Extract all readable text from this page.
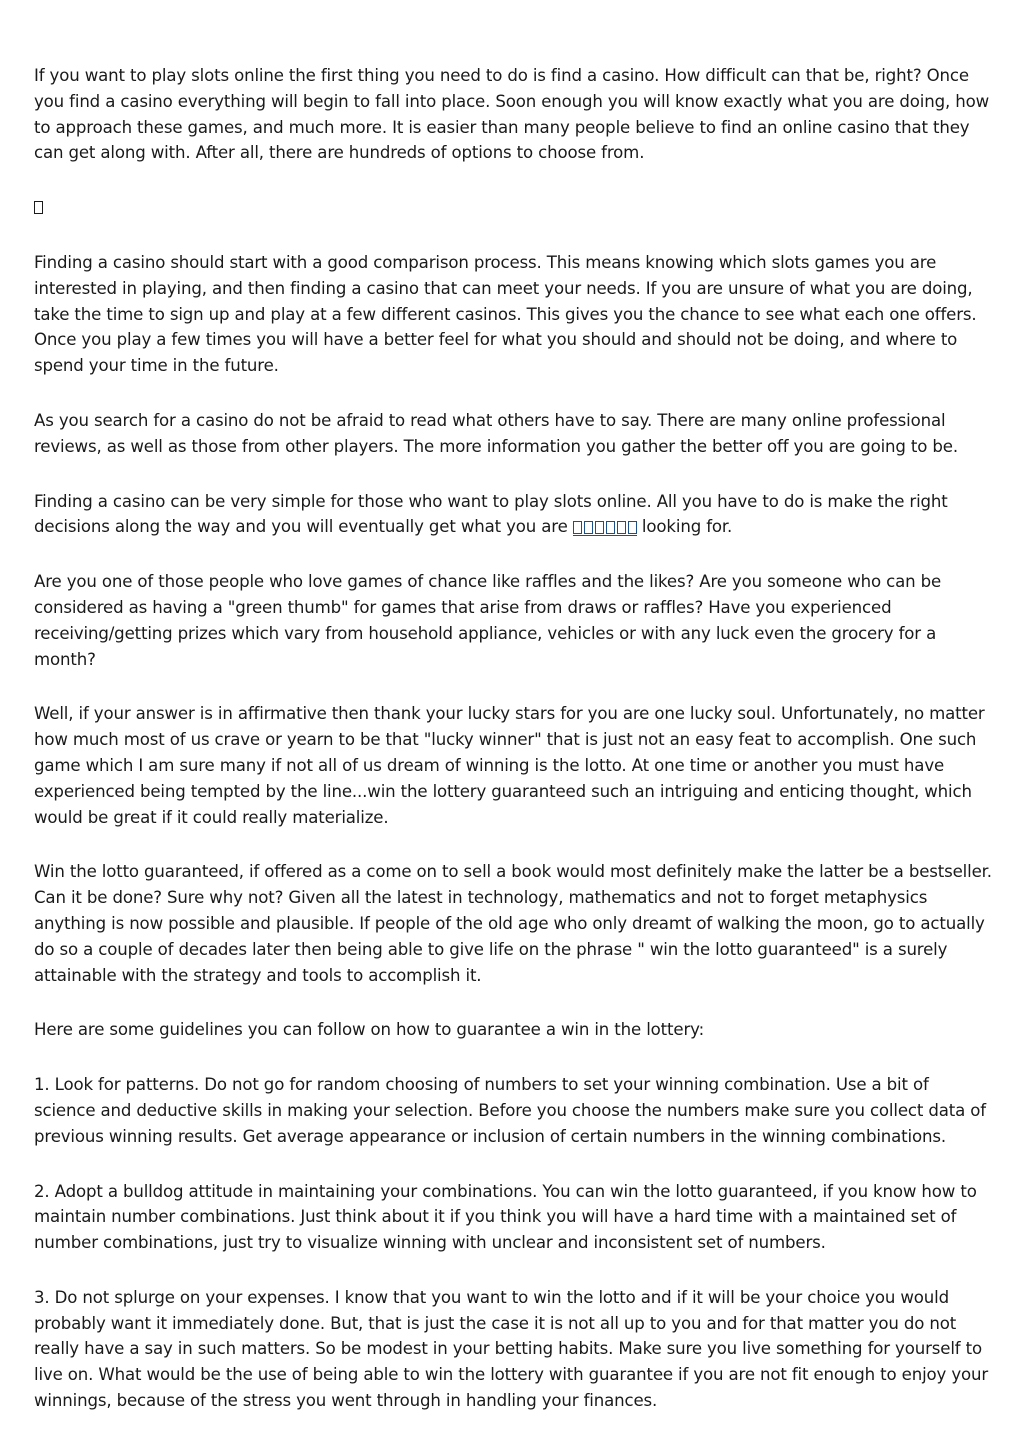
If you want to play slots online the first thing you need to do is find a casino. How difficult can that be, right? Once you find a casino everything will begin to fall into place. Soon enough you will know exactly what you are doing, how to approach these games, and much more. It is easier than many people believe to find an online casino that they can get along with. After all, there are hundreds of options to choose from.

Finding a casino should start with a good comparison process. This means knowing which slots games you are interested in playing, and then finding a casino that can meet your needs. If you are unsure of what you are doing, take the time to sign up and play at a few different casinos. This gives you the chance to see what each one offers. Once you play a few times you will have a better feel for what you should and should not be doing, and where to spend your time in the future.

As you search for a casino do not be afraid to read what others have to say. There are many online professional reviews, as well as those from other players. The more information you gather the better off you are going to be.

Finding a casino can be very simple for those who want to play slots online. All you have to do is make the right decisions along the way and you will eventually get what you are	looking for.

Are you one of those people who love games of chance like raffles and the likes? Are you someone who can be considered as having a "green thumb" for games that arise from draws or raffles? Have you experienced receiving/getting prizes which vary from household appliance, vehicles or with any luck even the grocery for a month?

Well, if your answer is in affirmative then thank your lucky stars for you are one lucky soul. Unfortunately, no matter how much most of us crave or yearn to be that "lucky winner" that is just not an easy feat to accomplish. One such game which I am sure many if not all of us dream of winning is the lotto. At one time or another you must have experienced being tempted by the line...win the lottery guaranteed such an intriguing and enticing thought, which would be great if it could really materialize.

Win the lotto guaranteed, if offered as a come on to sell a book would most definitely make the latter be a bestseller. Can it be done? Sure why not? Given all the latest in technology, mathematics and not to forget metaphysics anything is now possible and plausible. If people of the old age who only dreamt of walking the moon, go to actually do so a couple of decades later then being able to give life on the phrase " win the lotto guaranteed" is a surely attainable with the strategy and tools to accomplish it.

Here are some guidelines you can follow on how to guarantee a win in the lottery:

1. Look for patterns. Do not go for random choosing of numbers to set your winning combination. Use a bit of science and deductive skills in making your selection. Before you choose the numbers make sure you collect data of previous winning results. Get average appearance or inclusion of certain numbers in the winning combinations.

2. Adopt a bulldog attitude in maintaining your combinations. You can win the lotto guaranteed, if you know how to maintain number combinations. Just think about it if you think you will have a hard time with a maintained set of number combinations, just try to visualize winning with unclear and inconsistent set of numbers.

3. Do not splurge on your expenses. I know that you want to win the lotto and if it will be your choice you would probably want it immediately done. But, that is just the case it is not all up to you and for that matter you do not really have a say in such matters. So be modest in your betting habits. Make sure you live something for yourself to live on. What would be the use of being able to win the lottery with guarantee if you are not fit enough to enjoy your winnings, because of the stress you went through in handling your finances.
